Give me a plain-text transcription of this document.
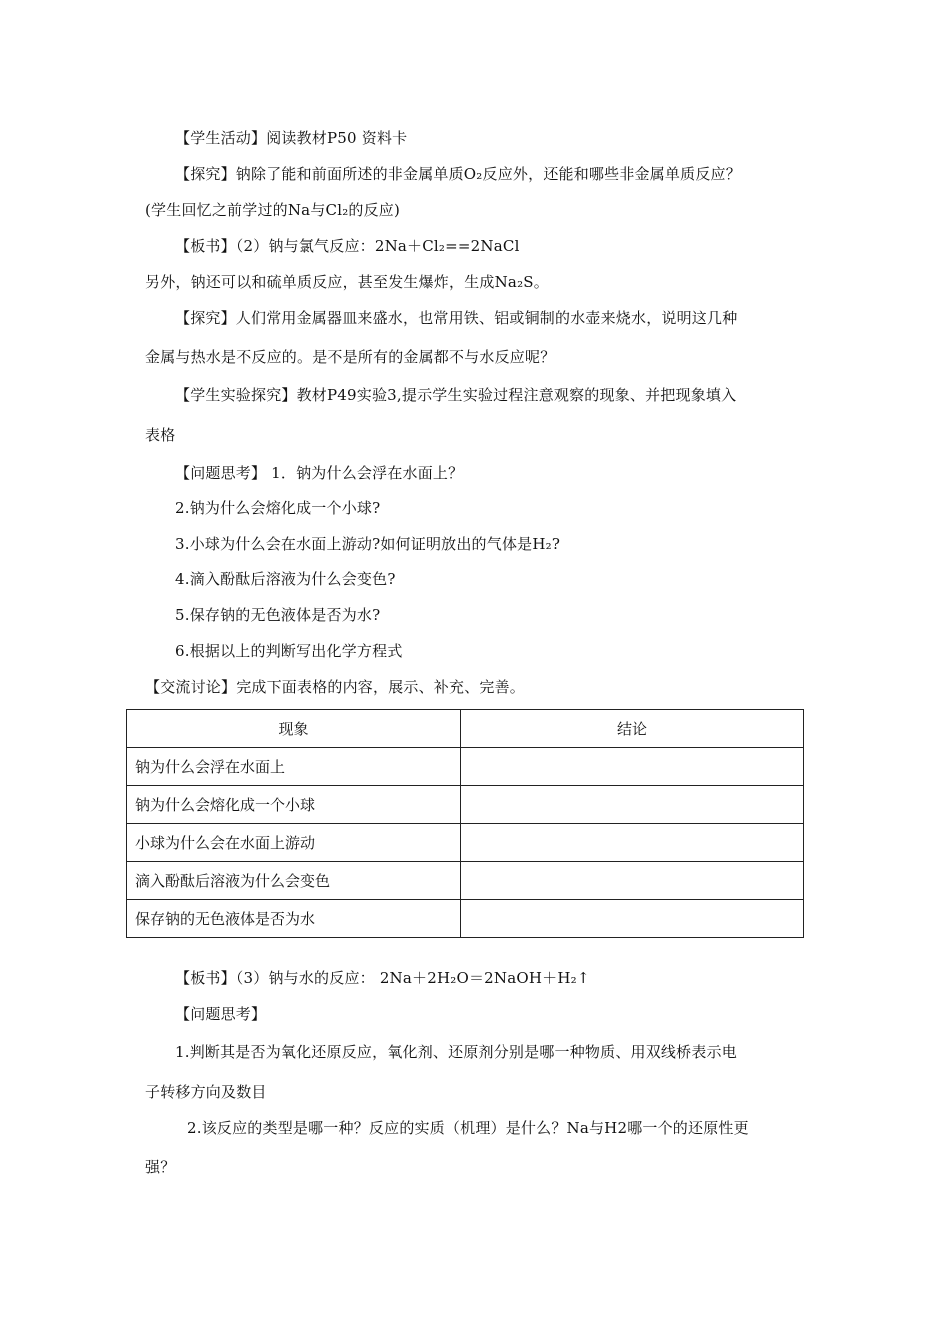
【学生活动】阅读教材P50 资料卡
【探究】钠除了能和前面所述的非金属单质O₂反应外，还能和哪些非金属单质反应？
(学生回忆之前学过的Na与Cl₂的反应)
【板书】（2）钠与氯气反应：2Na＋Cl₂==2NaCl
另外，钠还可以和硫单质反应，甚至发生爆炸，生成Na₂S。
【探究】人们常用金属器皿来盛水，也常用铁、铝或铜制的水壶来烧水，说明这几种
金属与热水是不反应的。是不是所有的金属都不与水反应呢？
【学生实验探究】教材P49实验3,提示学生实验过程注意观察的现象、并把现象填入
表格
【问题思考】 1．钠为什么会浮在水面上？
2.钠为什么会熔化成一个小球?
3.小球为什么会在水面上游动?如何证明放出的气体是H₂?
4.滴入酚酞后溶液为什么会变色?
5.保存钠的无色液体是否为水?
6.根据以上的判断写出化学方程式
【交流讨论】完成下面表格的内容，展示、补充、完善。
现象	结论
钠为什么会浮在水面上	
钠为什么会熔化成一个小球	
小球为什么会在水面上游动	
滴入酚酞后溶液为什么会变色	
保存钠的无色液体是否为水	
【板书】（3）钠与水的反应： 2Na＋2H₂O＝2NaOH＋H₂↑
【问题思考】
1.判断其是否为氧化还原反应，氧化剂、还原剂分别是哪一种物质、用双线桥表示电
子转移方向及数目
2.该反应的类型是哪一种？反应的实质（机理）是什么？Na与H2哪一个的还原性更
强？
